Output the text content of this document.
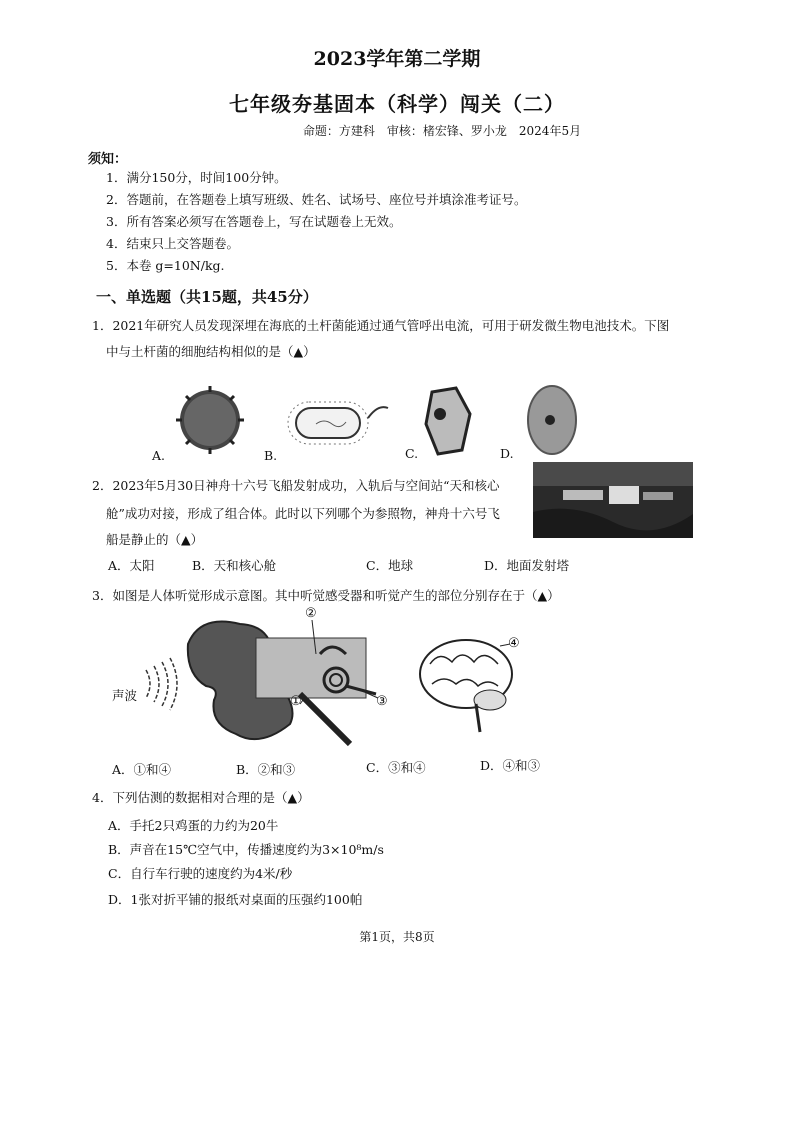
2023学年第二学期
七年级夯基固本（科学）闯关（二）
命题：方建科　审核：楮宏锋、罗小龙　2024年5月
须知：
1．满分150分，时间100分钟。
2．答题前，在答题卷上填写班级、姓名、试场号、座位号并填涂准考证号。
3．所有答案必须写在答题卷上，写在试题卷上无效。
4．结束只上交答题卷。
5．本卷 g=10N/kg.
一、单选题（共15题，共45分）
1．2021年研究人员发现深埋在海底的土杆菌能通过通气管呼出电流，可用于研发微生物电池技术。下图
中与土杆菌的细胞结构相似的是（▲）
A.	B.	C.	D.
2．2023年5月30日神舟十六号飞船发射成功，入轨后与空间站“天和核心
舱”成功对接，形成了组合体。此时以下列哪个为参照物，神舟十六号飞
船是静止的（▲）
A．太阳	B．天和核心舱	C．地球	D．地面发射塔
3．如图是人体听觉形成示意图。其中听觉感受器和听觉产生的部位分别存在于（▲）
声波
②
①	③
④
A．①和④	B．②和③	C．③和④	D．④和③
4．下列估测的数据相对合理的是（▲）
A．手托2只鸡蛋的力约为20牛
B．声音在15℃空气中，传播速度约为3×10⁸m/s
C．自行车行驶的速度约为4米/秒
D．1张对折平铺的报纸对桌面的压强约100帕
第1页，共8页
